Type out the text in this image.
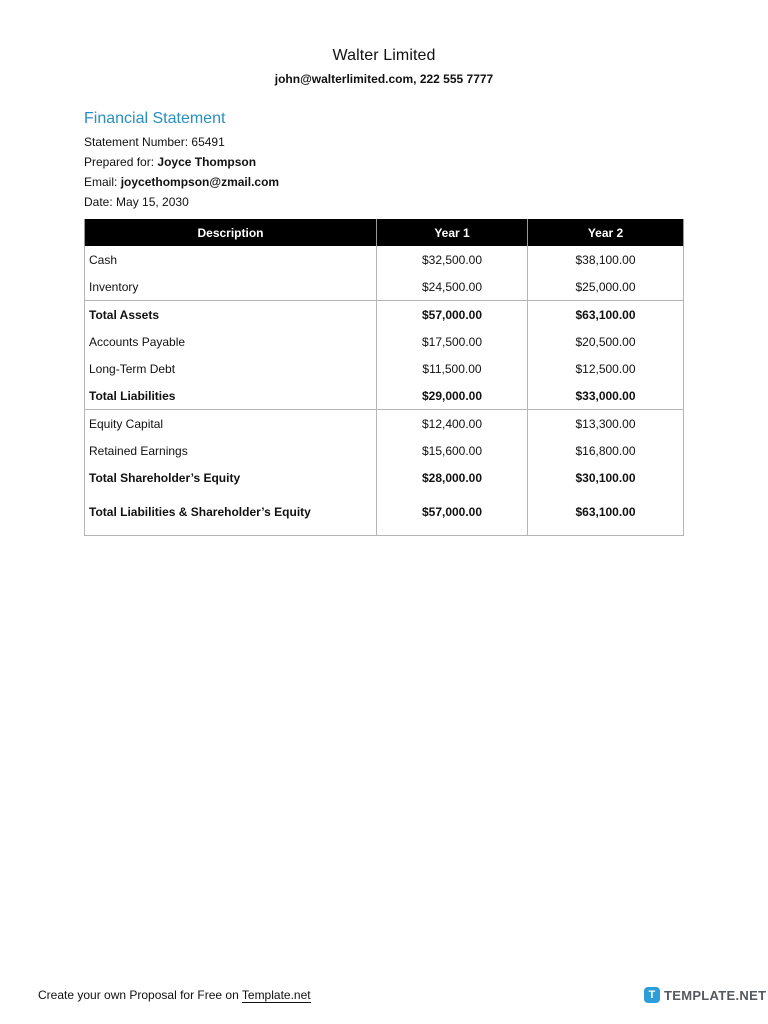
Walter Limited
john@walterlimited.com, 222 555 7777
Financial Statement
Statement Number: 65491
Prepared for: Joyce Thompson
Email: joycethompson@zmail.com
Date: May 15, 2030
Description	Year 1	Year 2
Cash	$32,500.00	$38,100.00
Inventory	$24,500.00	$25,000.00
Total Assets	$57,000.00	$63,100.00
Accounts Payable	$17,500.00	$20,500.00
Long-Term Debt	$11,500.00	$12,500.00
Total Liabilities	$29,000.00	$33,000.00
Equity Capital	$12,400.00	$13,300.00
Retained Earnings	$15,600.00	$16,800.00
Total Shareholder’s Equity	$28,000.00	$30,100.00

Total Liabilities & Shareholder’s Equity	$57,000.00	$63,100.00
Create your own Proposal for Free on Template.net	T TEMPLATE .NET
